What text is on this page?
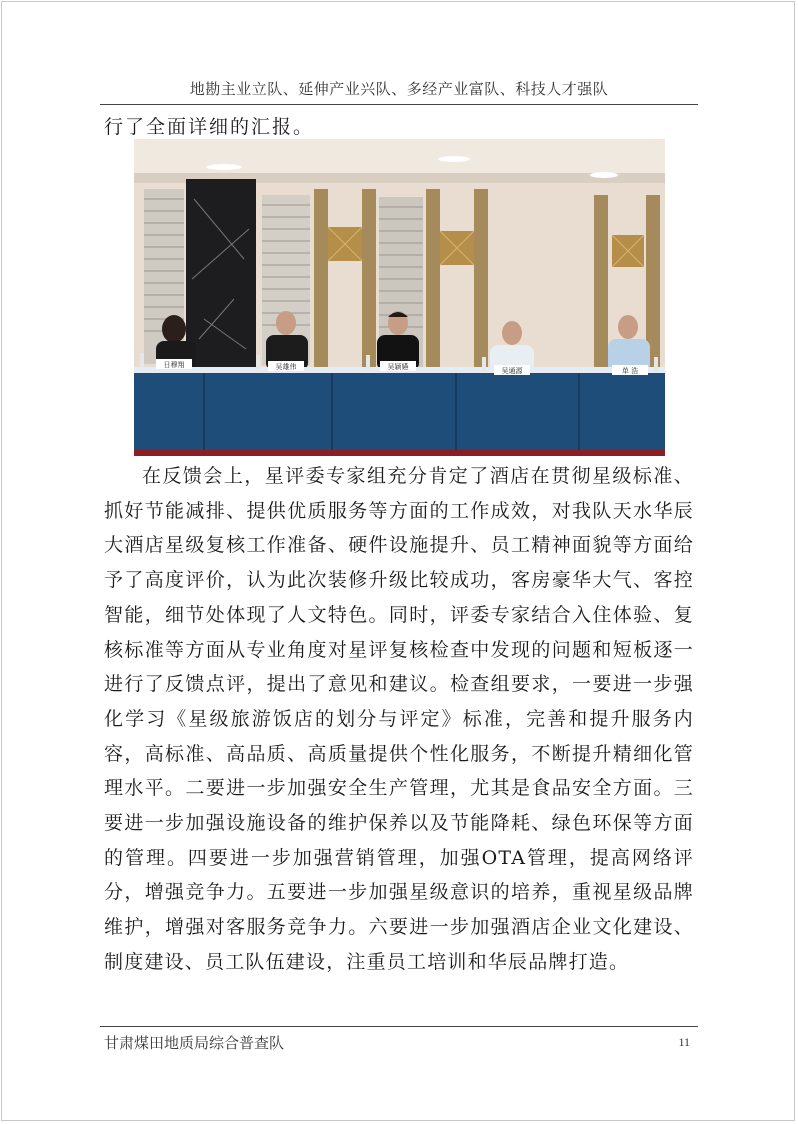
地勘主业立队、延伸产业兴队、多经产业富队、科技人才强队
行了全面详细的汇报。
日穆翔	吴雄伟	吴颖嬿	吴通源	单 浩
在反馈会上，星评委专家组充分肯定了酒店在贯彻星级标准、抓好节能减排、提供优质服务等方面的工作成效，对我队天水华辰大酒店星级复核工作准备、硬件设施提升、员工精神面貌等方面给予了高度评价，认为此次装修升级比较成功，客房豪华大气、客控智能，细节处体现了人文特色。同时，评委专家结合入住体验、复核标准等方面从专业角度对星评复核检查中发现的问题和短板逐一进行了反馈点评，提出了意见和建议。检查组要求，一要进一步强化学习《星级旅游饭店的划分与评定》标准，完善和提升服务内容，高标准、高品质、高质量提供个性化服务，不断提升精细化管理水平。二要进一步加强安全生产管理，尤其是食品安全方面。三要进一步加强设施设备的维护保养以及节能降耗、绿色环保等方面的管理。四要进一步加强营销管理，加强OTA管理，提高网络评分，增强竞争力。五要进一步加强星级意识的培养，重视星级品牌维护，增强对客服务竞争力。六要进一步加强酒店企业文化建设、制度建设、员工队伍建设，注重员工培训和华辰品牌打造。
甘肃煤田地质局综合普查队	11
